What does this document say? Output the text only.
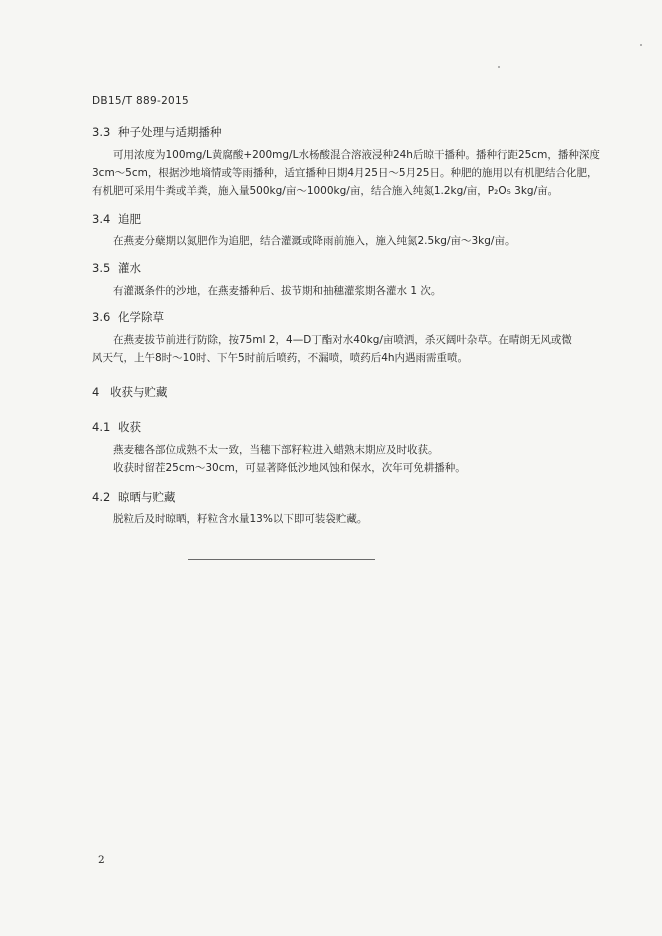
DB15/T 889-2015
3.3 种子处理与适期播种
可用浓度为100mg/L黄腐酸+200mg/L水杨酸混合溶液浸种24h后晾干播种。播种行距25cm，播种深度
3cm～5cm，根据沙地墒情或等雨播种，适宜播种日期4月25日～5月25日。种肥的施用以有机肥结合化肥，
有机肥可采用牛粪或羊粪，施入量500kg/亩～1000kg/亩，结合施入纯氮1.2kg/亩，P₂O₅ 3kg/亩。
3.4 追肥
在燕麦分蘖期以氮肥作为追肥，结合灌溉或降雨前施入，施入纯氮2.5kg/亩～3kg/亩。
3.5 灌水
有灌溉条件的沙地，在燕麦播种后、拔节期和抽穗灌浆期各灌水 1 次。
3.6 化学除草
在燕麦拔节前进行防除，按75ml 2，4—D丁酯对水40kg/亩喷洒，杀灭阔叶杂草。在晴朗无风或微
风天气，上午8时～10时、下午5时前后喷药，不漏喷，喷药后4h内遇雨需重喷。
4 收获与贮藏
4.1 收获
燕麦穗各部位成熟不太一致，当穗下部籽粒进入蜡熟末期应及时收获。
收获时留茬25cm～30cm，可显著降低沙地风蚀和保水，次年可免耕播种。
4.2 晾晒与贮藏
脱粒后及时晾晒，籽粒含水量13%以下即可装袋贮藏。
2
